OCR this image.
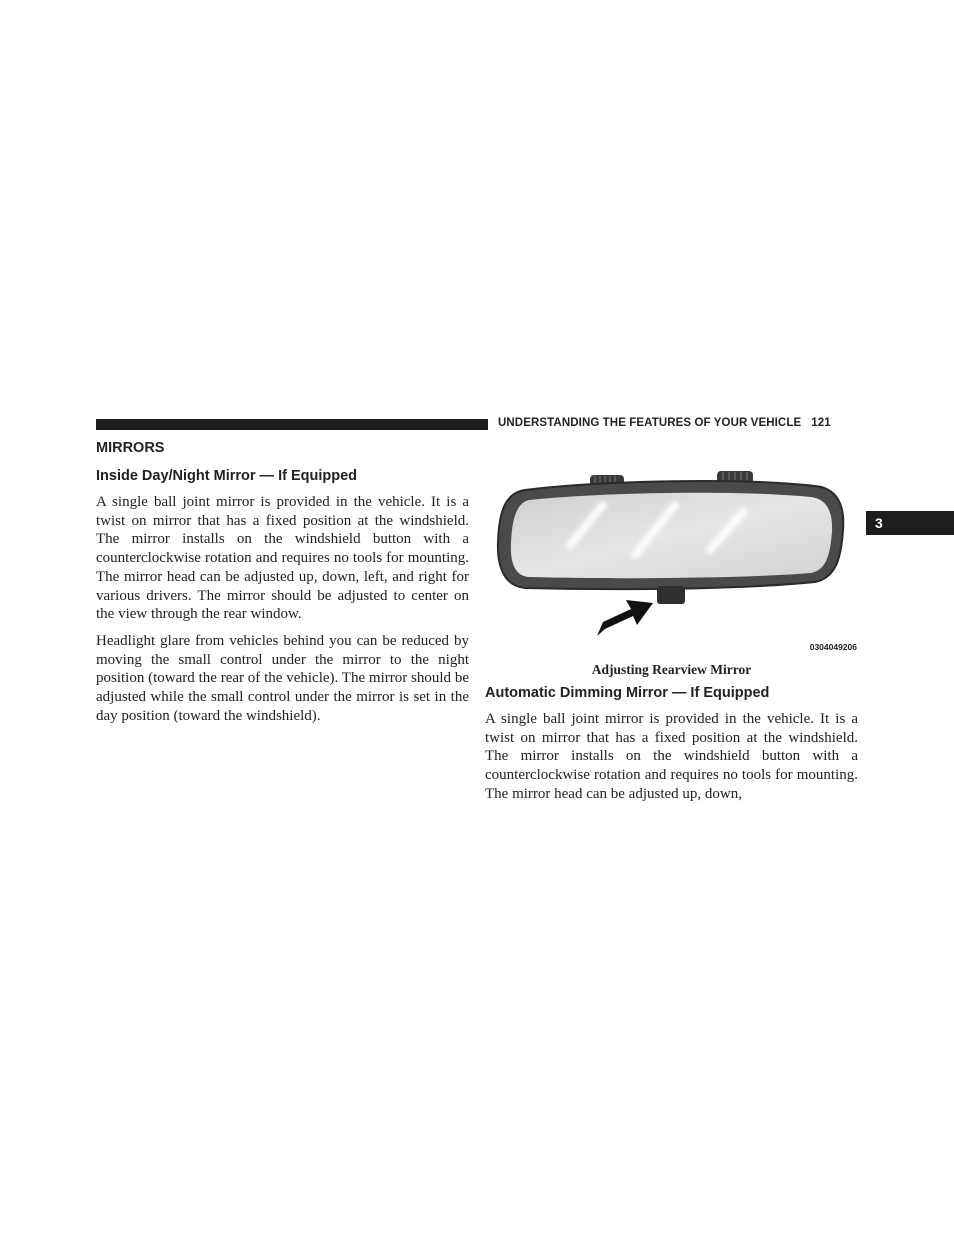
UNDERSTANDING THE FEATURES OF YOUR VEHICLE 121
3
MIRRORS
Inside Day/Night Mirror — If Equipped

A single ball joint mirror is provided in the vehicle. It is a twist on mirror that has a fixed position at the windshield. The mirror installs on the windshield button with a counterclockwise rotation and requires no tools for mounting. The mirror head can be adjusted up, down, left, and right for various drivers. The mirror should be adjusted to center on the view through the rear window.

Headlight glare from vehicles behind you can be reduced by moving the small control under the mirror to the night position (toward the rear of the vehicle). The mirror should be adjusted while the small control under the mirror is set in the day position (toward the windshield).

0304049206
Adjusting Rearview Mirror
Automatic Dimming Mirror — If Equipped

A single ball joint mirror is provided in the vehicle. It is a twist on mirror that has a fixed position at the windshield. The mirror installs on the windshield button with a counterclockwise rotation and requires no tools for mounting. The mirror head can be adjusted up, down,
